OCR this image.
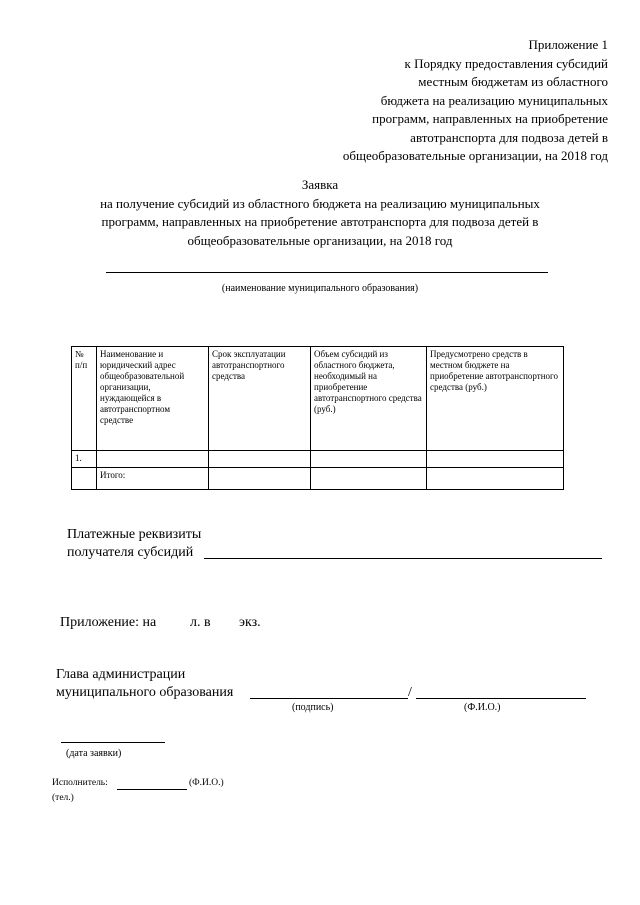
Приложение 1
к Порядку предоставления субсидий
местным бюджетам из областного
бюджета на реализацию муниципальных
программ, направленных на приобретение
автотранспорта для подвоза детей в
общеобразовательные организации, на 2018 год
Заявка
на получение субсидий из областного бюджета на реализацию муниципальных
программ, направленных на приобретение автотранспорта для подвоза детей в
общеобразовательные организации, на 2018 год
(наименование муниципального образования)
№ п/п	Наименование и юридический адрес общеобразовательной организации, нуждающейся в автотранспортном средстве	Срок эксплуатации автотранспортного средства	Объем субсидий из областного бюджета, необходимый на приобретение автотранспортного средства (руб.)	Предусмотрено средств в местном бюджете на приобретение автотранспортного средства (руб.)
1.				
	Итого:			
Платежные реквизиты
получателя субсидий
Приложение: на л. в экз.
Глава администрации
муниципального образования	/
(подпись)	(Ф.И.О.)
(дата заявки)
Исполнитель:	(Ф.И.О.)
(тел.)
